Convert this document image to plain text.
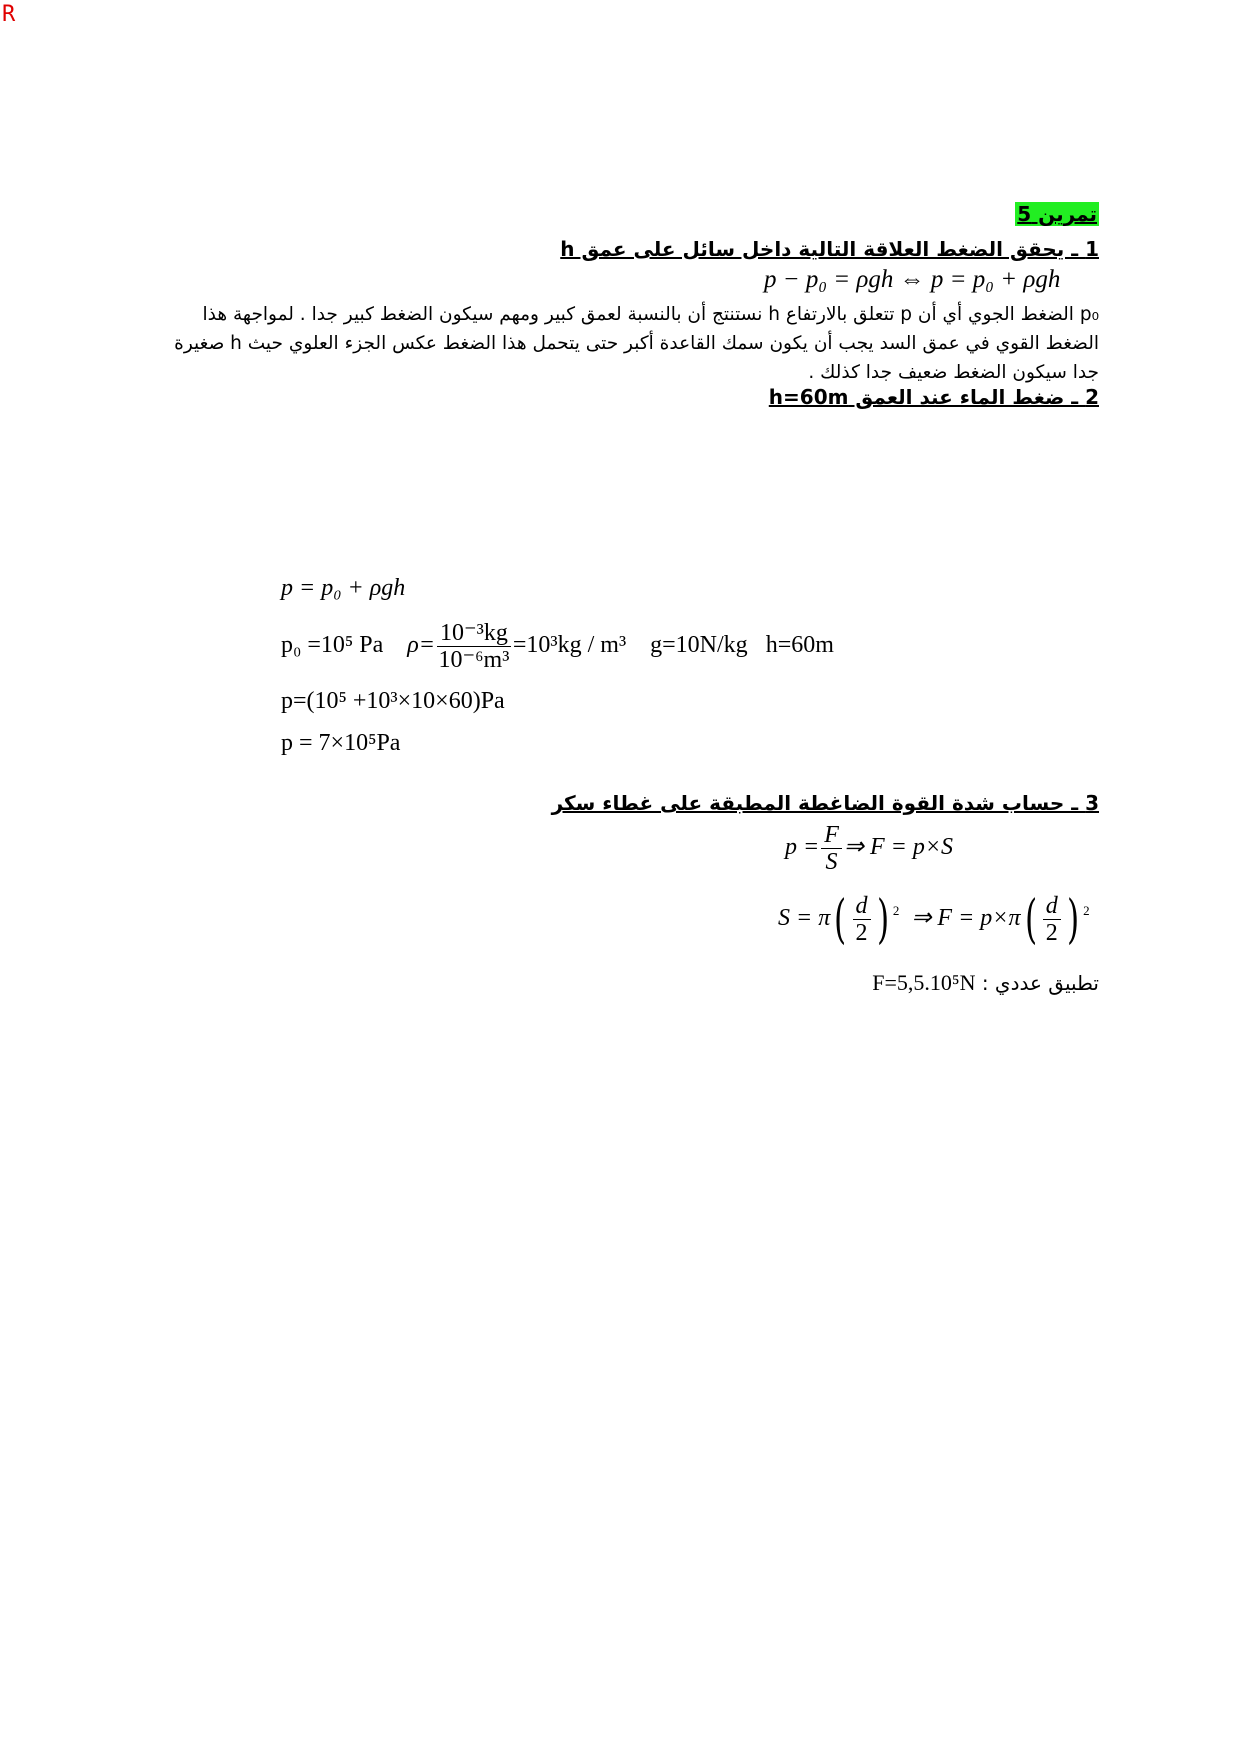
R
تمرين 5
1 ـ يحقق الضغط العلاقة التالية داخل سائل على عمق h
p − p₀ = ρgh ⇔ p = p₀ + ρgh
p₀ الضغط الجوي أي أن p تتعلق بالارتفاع h نستنتج أن بالنسبة لعمق كبير ومهم سيكون الضغط كبير جدا . لمواجهة هذا
الضغط القوي في عمق السد يجب أن يكون سمك القاعدة أكبر حتى يتحمل هذا الضغط عكس الجزء العلوي حيث h صغيرة
جدا سيكون الضغط ضعيف جدا كذلك .
2 ـ ضغط الماء عند العمق h=60m
p = p₀ + ρgh
p₀ =10⁵ Pa $\rho= \frac{\text{10⁻³kg}}{\text{10⁻⁶m³}} =10^3kg / m^3$ g=10N/kg h=60m
p=(10⁵ +10³×10×60)Pa
p = 7×10⁵Pa
3 ـ حساب شدة القوة الضاغطة المطبقة على غطاء سكر
$p = \frac{F}{S}$ ⇒ F = p×S
$S = \pi( \frac{d}{2}$ ) $^2$ ⇒ $F = p\times\pi( \frac{d}{2}$ ) $^2$
تطبيق عددي : F=5,5.10⁵N
